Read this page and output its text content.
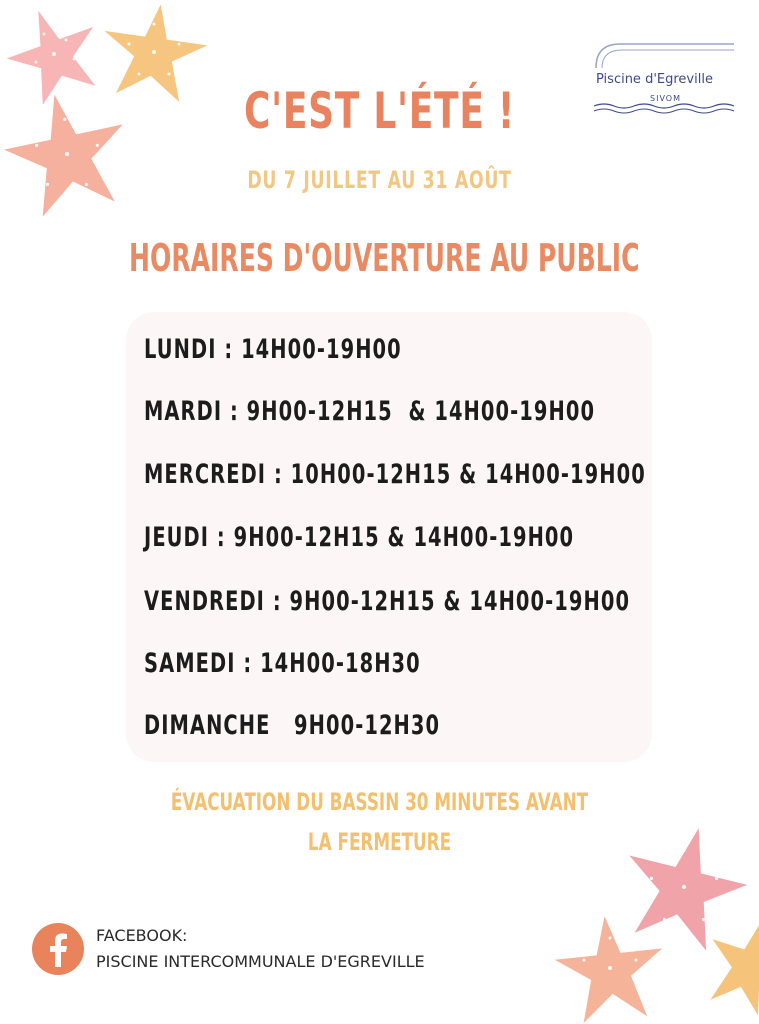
Piscine d'Egreville
SIVOM
C'EST L'ÉTÉ !
DU 7 JUILLET AU 31 AOÛT
HORAIRES D'OUVERTURE AU PUBLIC
LUNDI : 14H00-19H00
MARDI : 9H00-12H15  & 14H00-19H00
MERCREDI : 10H00-12H15 & 14H00-19H00
JEUDI : 9H00-12H15 & 14H00-19H00
VENDREDI : 9H00-12H15 & 14H00-19H00
SAMEDI : 14H00-18H30
DIMANCHE   9H00-12H30
ÉVACUATION DU BASSIN 30 MINUTES AVANT
LA FERMETURE
FACEBOOK:
PISCINE INTERCOMMUNALE D'EGREVILLE
